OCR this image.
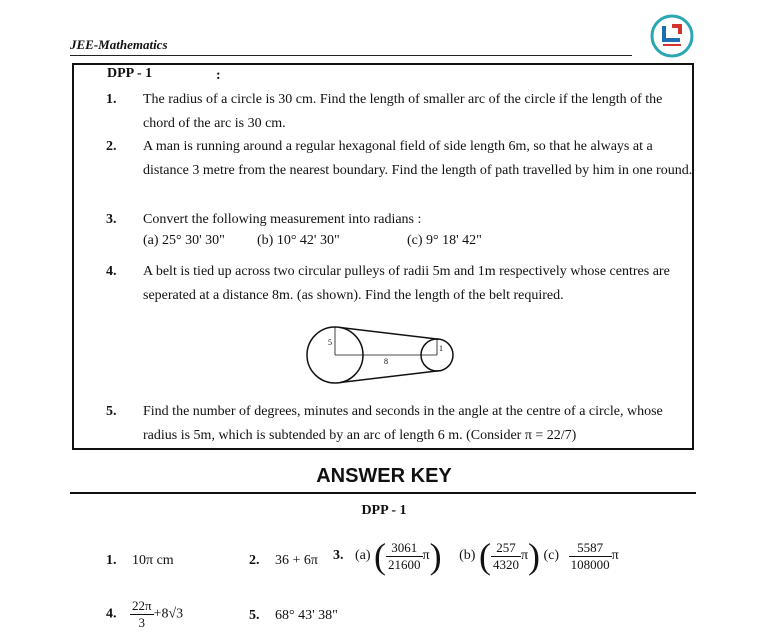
JEE-Mathematics
DPP - 1	:
1.	The radius of a circle is 30 cm. Find the length of smaller arc of the circle if the length of the chord of the arc is 30 cm.
2.	A man is running around a regular hexagonal field of side length 6m, so that he always at a distance 3 metre from the nearest boundary. Find the length of path travelled by him in one round.
3.	Convert the following measurement into radians :
(a) 25° 30' 30" (b) 10° 42' 30"	(c) 9° 18' 42"
4.	A belt is tied up across two circular pulleys of radii 5m and 1m respectively whose centres are seperated at a distance 8m. (as shown). Find the length of the belt required.
5
1
8
5.	Find the number of degrees, minutes and seconds in the angle at the centre of a circle, whose radius is 5m, which is subtended by an arc of length 6 m. (Consider π = 22/7)
ANSWER KEY
DPP - 1
1. 10π cm	2. 36 + 6π 3. (a) ( $\frac{3061}{21600} \pi$) (b) ( $\frac{257}{4320} \pi$) $(c) \frac{5587}{108000}$ π
4. $\frac{22\pi}{3} +8√3$	5. 68° 43' 38"
